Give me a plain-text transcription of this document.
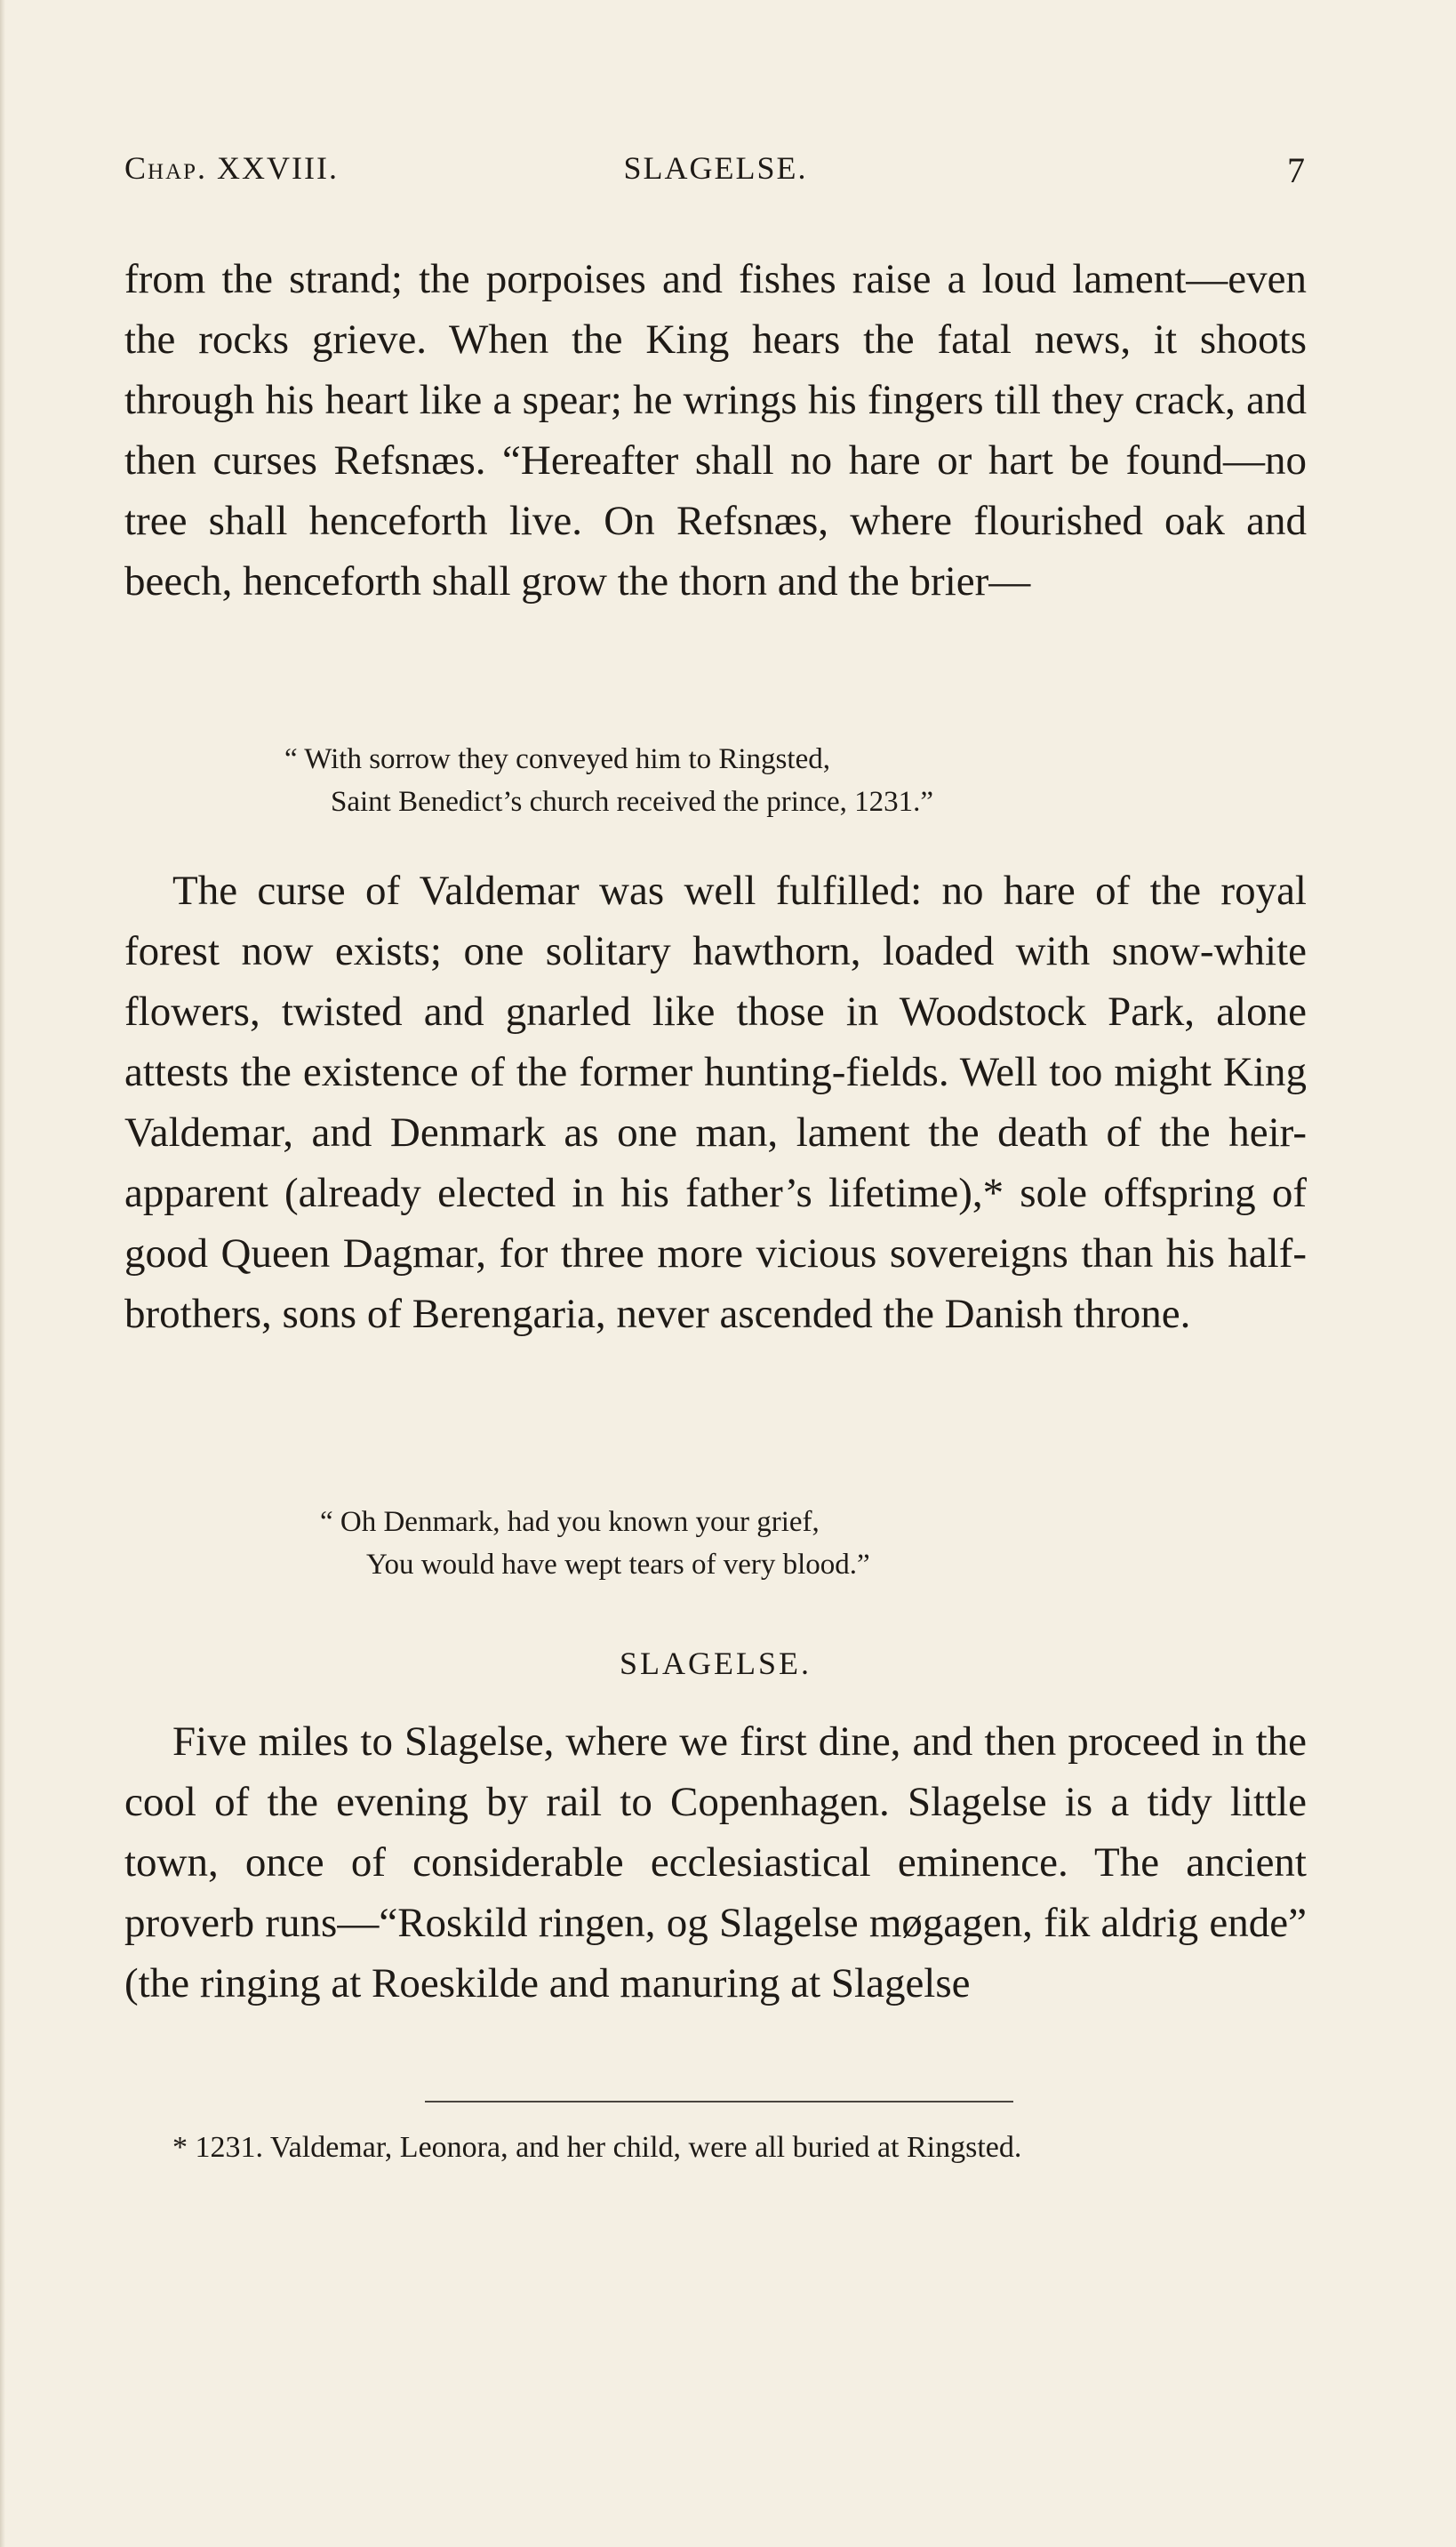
Chap. XXVIII.	SLAGELSE.	7

from the strand; the porpoises and fishes raise a loud lament—even the rocks grieve. When the King hears the fatal news, it shoots through his heart like a spear; he wrings his fingers till they crack, and then curses Refsnæs. “Hereafter shall no hare or hart be found—no tree shall henceforth live. On Refsnæs, where flourished oak and beech, henceforth shall grow the thorn and the brier—

“ With sorrow they conveyed him to Ringsted,
Saint Benedict’s church received the prince, 1231.”

The curse of Valdemar was well fulfilled: no hare of the royal forest now exists; one solitary hawthorn, loaded with snow-white flowers, twisted and gnarled like those in Woodstock Park, alone attests the existence of the former hunting-fields. Well too might King Valdemar, and Denmark as one man, lament the death of the heir-apparent (already elected in his father’s lifetime),* sole offspring of good Queen Dagmar, for three more vicious sovereigns than his half-brothers, sons of Berengaria, never ascended the Danish throne.

“ Oh Denmark, had you known your grief,
You would have wept tears of very blood.”

SLAGELSE.

Five miles to Slagelse, where we first dine, and then proceed in the cool of the evening by rail to Copenhagen. Slagelse is a tidy little town, once of considerable ecclesiastical eminence. The ancient proverb runs—“Roskild ringen, og Slagelse møgagen, fik aldrig ende” (the ringing at Roeskilde and manuring at Slagelse

* 1231. Valdemar, Leonora, and her child, were all buried at Ringsted.
